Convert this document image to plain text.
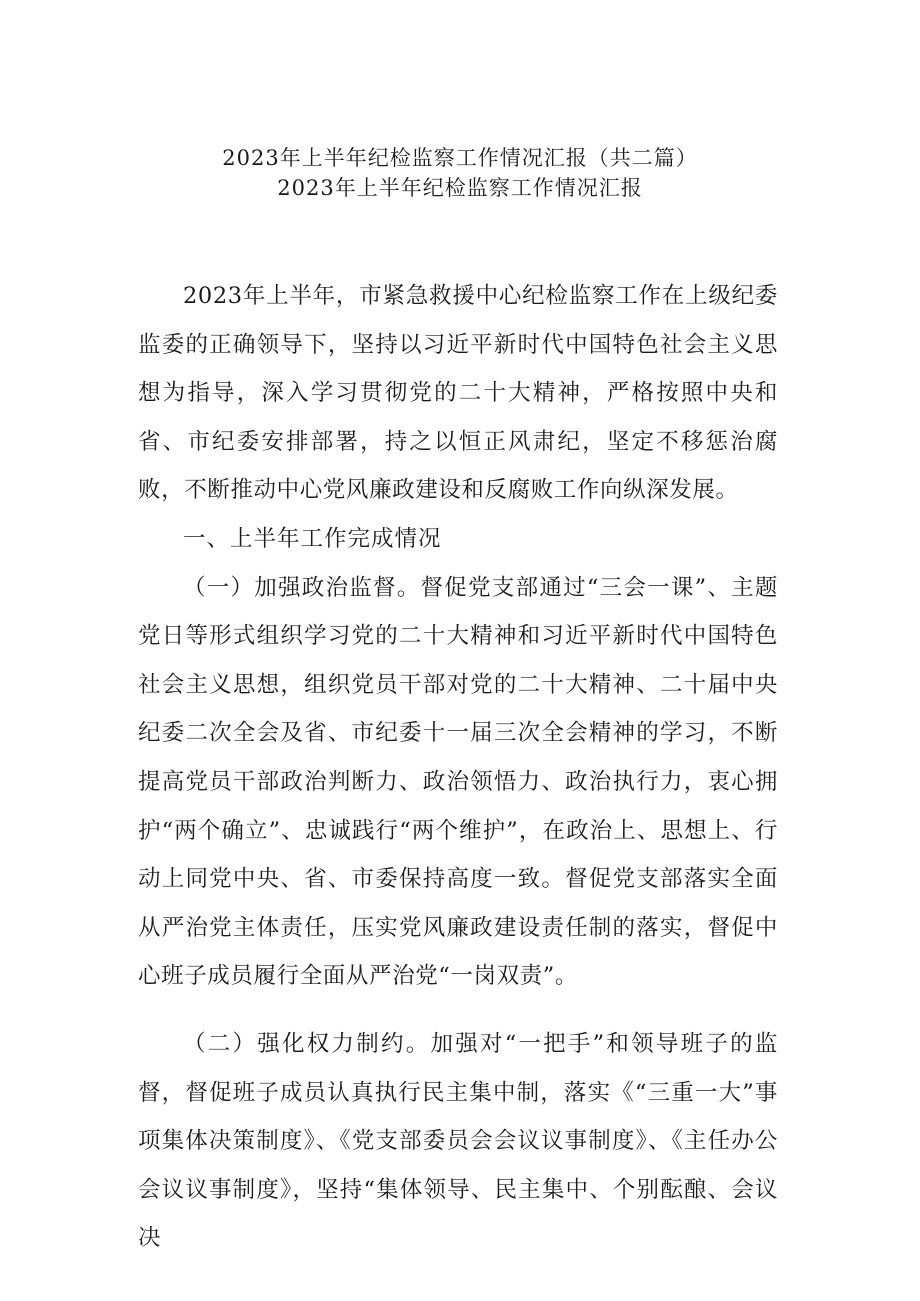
2023年上半年纪检监察工作情况汇报（共二篇）
2023年上半年纪检监察工作情况汇报

2023年上半年，市紧急救援中心纪检监察工作在上级纪委监委的正确领导下，坚持以习近平新时代中国特色社会主义思想为指导，深入学习贯彻党的二十大精神，严格按照中央和省、市纪委安排部署，持之以恒正风肃纪，坚定不移惩治腐败，不断推动中心党风廉政建设和反腐败工作向纵深发展。

一、上半年工作完成情况

（一）加强政治监督。督促党支部通过“三会一课”、主题党日等形式组织学习党的二十大精神和习近平新时代中国特色社会主义思想，组织党员干部对党的二十大精神、二十届中央纪委二次全会及省、市纪委十一届三次全会精神的学习，不断提高党员干部政治判断力、政治领悟力、政治执行力，衷心拥护“两个确立”、忠诚践行“两个维护”，在政治上、思想上、行动上同党中央、省、市委保持高度一致。督促党支部落实全面从严治党主体责任，压实党风廉政建设责任制的落实，督促中心班子成员履行全面从严治党“一岗双责”。

（二）强化权力制约。加强对“一把手”和领导班子的监督，督促班子成员认真执行民主集中制，落实《“三重一大”事项集体决策制度》、《党支部委员会会议议事制度》、《主任办公会议议事制度》，坚持“集体领导、民主集中、个别酝酿、会议决
